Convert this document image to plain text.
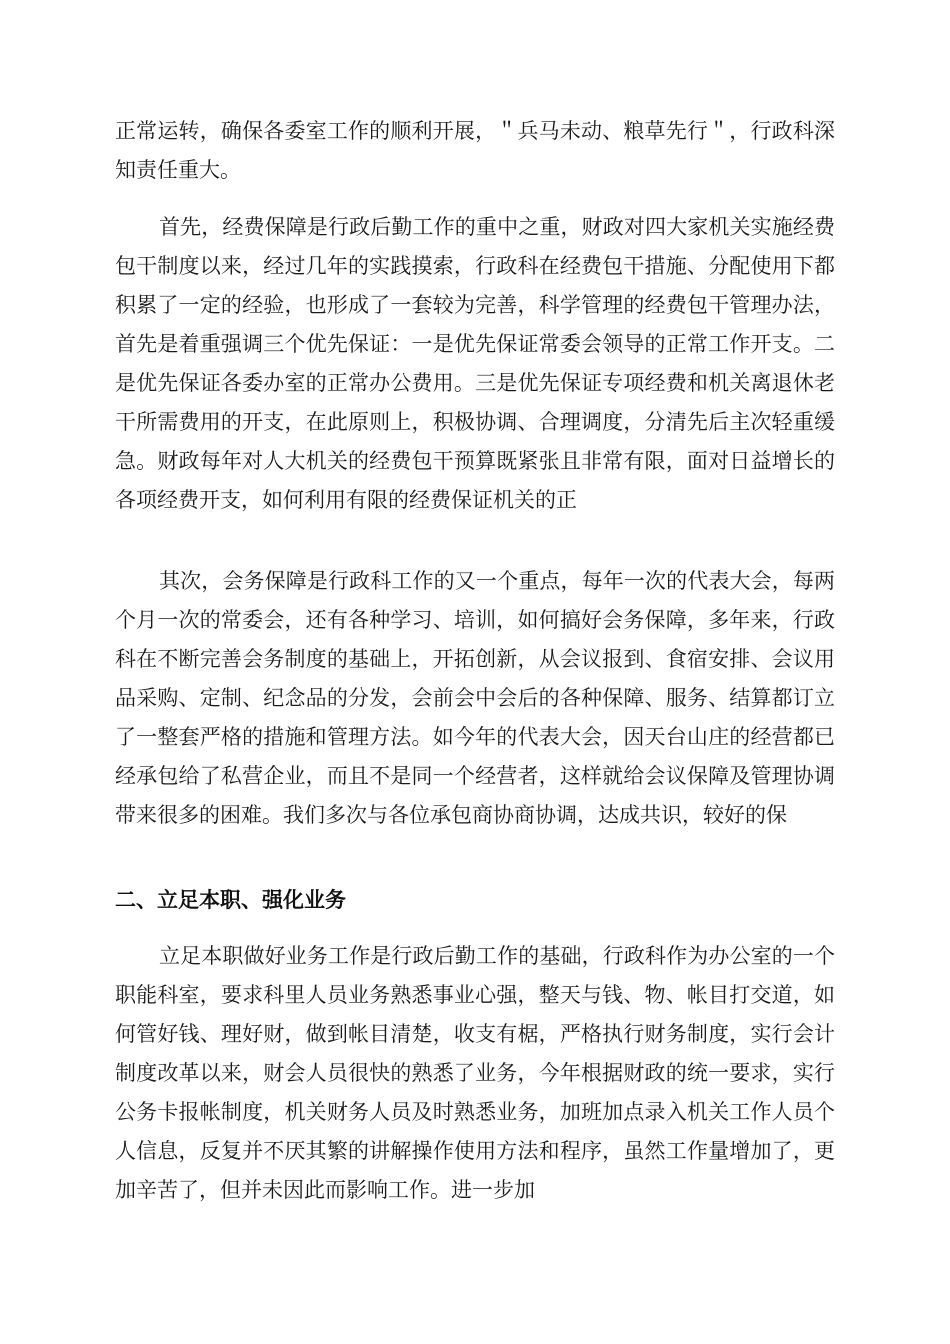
正常运转，确保各委室工作的顺利开展，＂兵马未动、粮草先行＂，行政科深知责任重大。
首先，经费保障是行政后勤工作的重中之重，财政对四大家机关实施经费包干制度以来，经过几年的实践摸索，行政科在经费包干措施、分配使用下都积累了一定的经验，也形成了一套较为完善，科学管理的经费包干管理办法，首先是着重强调三个优先保证：一是优先保证常委会领导的正常工作开支。二是优先保证各委办室的正常办公费用。三是优先保证专项经费和机关离退休老干所需费用的开支，在此原则上，积极协调、合理调度，分清先后主次轻重缓急。财政每年对人大机关的经费包干预算既紧张且非常有限，面对日益增长的各项经费开支，如何利用有限的经费保证机关的正
其次，会务保障是行政科工作的又一个重点，每年一次的代表大会，每两个月一次的常委会，还有各种学习、培训，如何搞好会务保障，多年来，行政科在不断完善会务制度的基础上，开拓创新，从会议报到、食宿安排、会议用品采购、定制、纪念品的分发，会前会中会后的各种保障、服务、结算都订立了一整套严格的措施和管理方法。如今年的代表大会，因天台山庄的经营都已经承包给了私营企业，而且不是同一个经营者，这样就给会议保障及管理协调带来很多的困难。我们多次与各位承包商协商协调，达成共识，较好的保
二、立足本职、强化业务
立足本职做好业务工作是行政后勤工作的基础，行政科作为办公室的一个职能科室，要求科里人员业务熟悉事业心强，整天与钱、物、帐目打交道，如何管好钱、理好财，做到帐目清楚，收支有椐，严格执行财务制度，实行会计制度改革以来，财会人员很快的熟悉了业务，今年根据财政的统一要求，实行公务卡报帐制度，机关财务人员及时熟悉业务，加班加点录入机关工作人员个人信息，反复并不厌其繁的讲解操作使用方法和程序，虽然工作量增加了，更加辛苦了，但并未因此而影响工作。进一步加
